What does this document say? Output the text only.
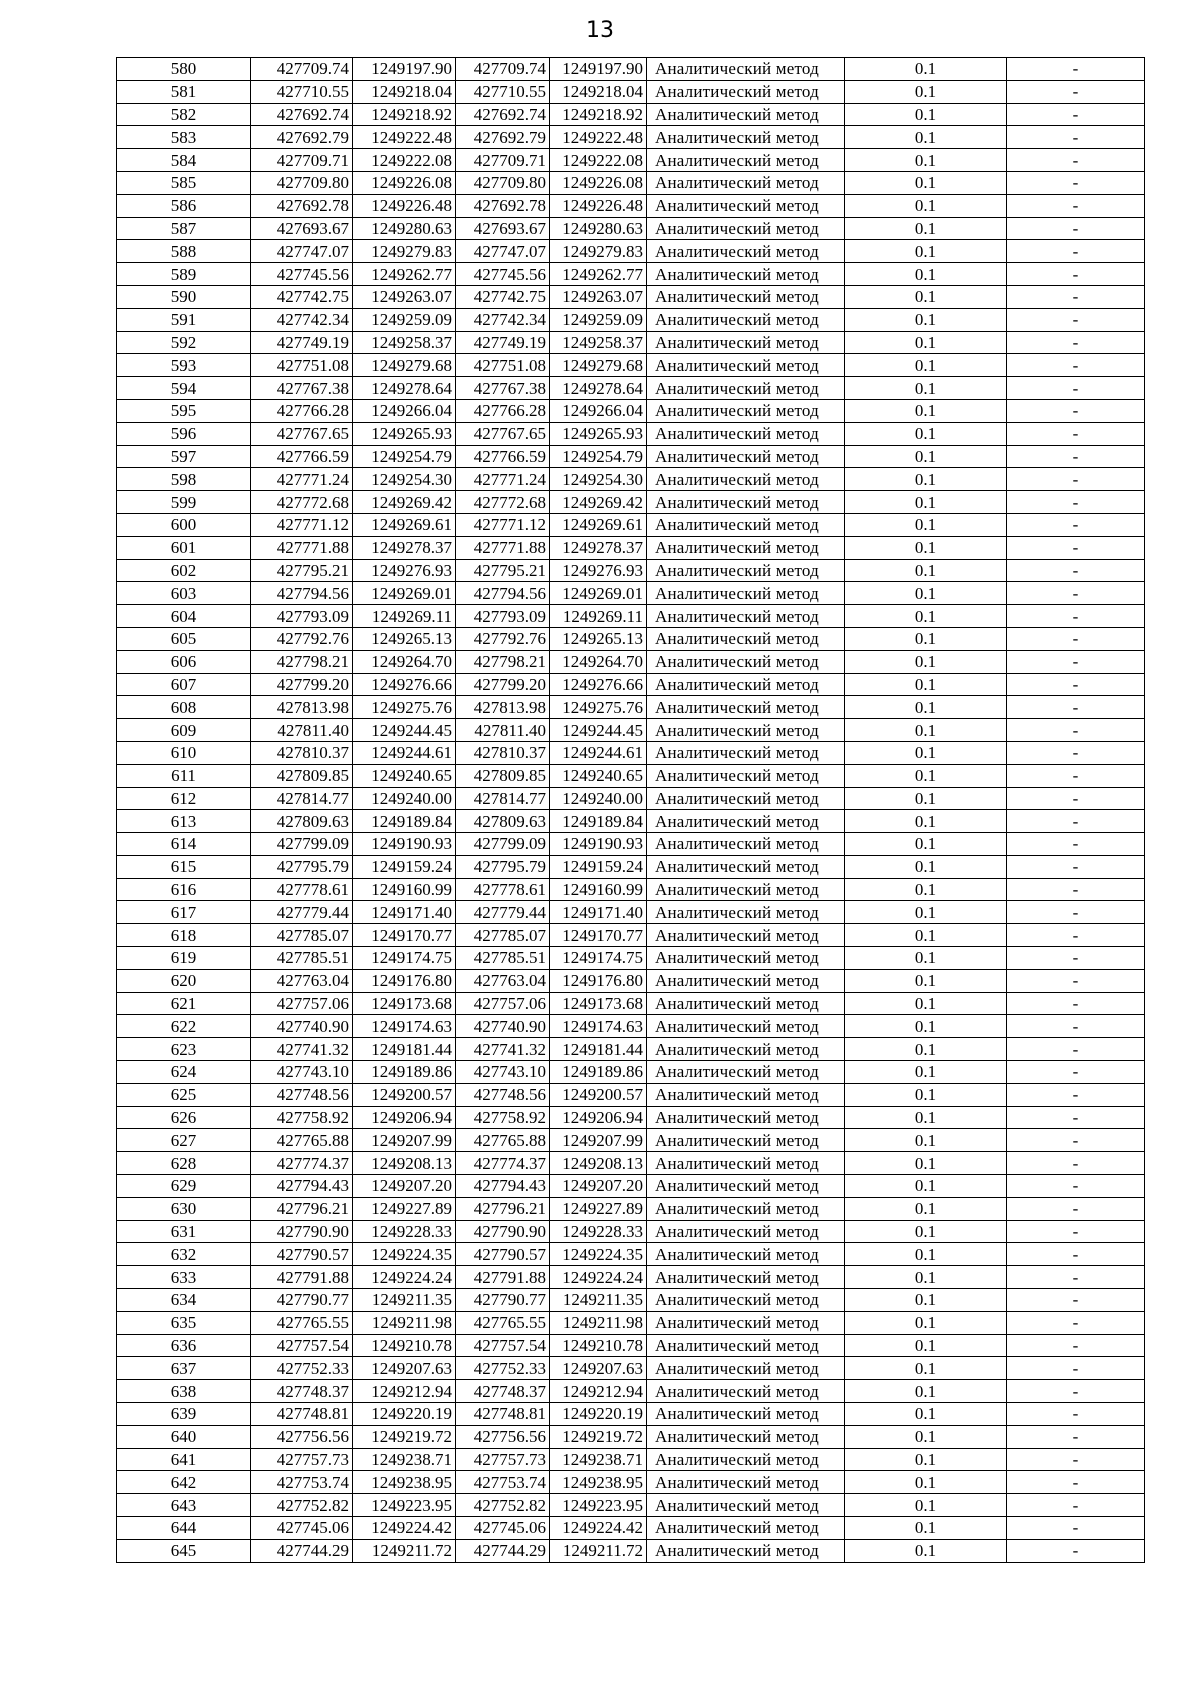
13
580	427709.74	1249197.90	427709.74	1249197.90	Аналитический метод	0.1	-
581	427710.55	1249218.04	427710.55	1249218.04	Аналитический метод	0.1	-
582	427692.74	1249218.92	427692.74	1249218.92	Аналитический метод	0.1	-
583	427692.79	1249222.48	427692.79	1249222.48	Аналитический метод	0.1	-
584	427709.71	1249222.08	427709.71	1249222.08	Аналитический метод	0.1	-
585	427709.80	1249226.08	427709.80	1249226.08	Аналитический метод	0.1	-
586	427692.78	1249226.48	427692.78	1249226.48	Аналитический метод	0.1	-
587	427693.67	1249280.63	427693.67	1249280.63	Аналитический метод	0.1	-
588	427747.07	1249279.83	427747.07	1249279.83	Аналитический метод	0.1	-
589	427745.56	1249262.77	427745.56	1249262.77	Аналитический метод	0.1	-
590	427742.75	1249263.07	427742.75	1249263.07	Аналитический метод	0.1	-
591	427742.34	1249259.09	427742.34	1249259.09	Аналитический метод	0.1	-
592	427749.19	1249258.37	427749.19	1249258.37	Аналитический метод	0.1	-
593	427751.08	1249279.68	427751.08	1249279.68	Аналитический метод	0.1	-
594	427767.38	1249278.64	427767.38	1249278.64	Аналитический метод	0.1	-
595	427766.28	1249266.04	427766.28	1249266.04	Аналитический метод	0.1	-
596	427767.65	1249265.93	427767.65	1249265.93	Аналитический метод	0.1	-
597	427766.59	1249254.79	427766.59	1249254.79	Аналитический метод	0.1	-
598	427771.24	1249254.30	427771.24	1249254.30	Аналитический метод	0.1	-
599	427772.68	1249269.42	427772.68	1249269.42	Аналитический метод	0.1	-
600	427771.12	1249269.61	427771.12	1249269.61	Аналитический метод	0.1	-
601	427771.88	1249278.37	427771.88	1249278.37	Аналитический метод	0.1	-
602	427795.21	1249276.93	427795.21	1249276.93	Аналитический метод	0.1	-
603	427794.56	1249269.01	427794.56	1249269.01	Аналитический метод	0.1	-
604	427793.09	1249269.11	427793.09	1249269.11	Аналитический метод	0.1	-
605	427792.76	1249265.13	427792.76	1249265.13	Аналитический метод	0.1	-
606	427798.21	1249264.70	427798.21	1249264.70	Аналитический метод	0.1	-
607	427799.20	1249276.66	427799.20	1249276.66	Аналитический метод	0.1	-
608	427813.98	1249275.76	427813.98	1249275.76	Аналитический метод	0.1	-
609	427811.40	1249244.45	427811.40	1249244.45	Аналитический метод	0.1	-
610	427810.37	1249244.61	427810.37	1249244.61	Аналитический метод	0.1	-
611	427809.85	1249240.65	427809.85	1249240.65	Аналитический метод	0.1	-
612	427814.77	1249240.00	427814.77	1249240.00	Аналитический метод	0.1	-
613	427809.63	1249189.84	427809.63	1249189.84	Аналитический метод	0.1	-
614	427799.09	1249190.93	427799.09	1249190.93	Аналитический метод	0.1	-
615	427795.79	1249159.24	427795.79	1249159.24	Аналитический метод	0.1	-
616	427778.61	1249160.99	427778.61	1249160.99	Аналитический метод	0.1	-
617	427779.44	1249171.40	427779.44	1249171.40	Аналитический метод	0.1	-
618	427785.07	1249170.77	427785.07	1249170.77	Аналитический метод	0.1	-
619	427785.51	1249174.75	427785.51	1249174.75	Аналитический метод	0.1	-
620	427763.04	1249176.80	427763.04	1249176.80	Аналитический метод	0.1	-
621	427757.06	1249173.68	427757.06	1249173.68	Аналитический метод	0.1	-
622	427740.90	1249174.63	427740.90	1249174.63	Аналитический метод	0.1	-
623	427741.32	1249181.44	427741.32	1249181.44	Аналитический метод	0.1	-
624	427743.10	1249189.86	427743.10	1249189.86	Аналитический метод	0.1	-
625	427748.56	1249200.57	427748.56	1249200.57	Аналитический метод	0.1	-
626	427758.92	1249206.94	427758.92	1249206.94	Аналитический метод	0.1	-
627	427765.88	1249207.99	427765.88	1249207.99	Аналитический метод	0.1	-
628	427774.37	1249208.13	427774.37	1249208.13	Аналитический метод	0.1	-
629	427794.43	1249207.20	427794.43	1249207.20	Аналитический метод	0.1	-
630	427796.21	1249227.89	427796.21	1249227.89	Аналитический метод	0.1	-
631	427790.90	1249228.33	427790.90	1249228.33	Аналитический метод	0.1	-
632	427790.57	1249224.35	427790.57	1249224.35	Аналитический метод	0.1	-
633	427791.88	1249224.24	427791.88	1249224.24	Аналитический метод	0.1	-
634	427790.77	1249211.35	427790.77	1249211.35	Аналитический метод	0.1	-
635	427765.55	1249211.98	427765.55	1249211.98	Аналитический метод	0.1	-
636	427757.54	1249210.78	427757.54	1249210.78	Аналитический метод	0.1	-
637	427752.33	1249207.63	427752.33	1249207.63	Аналитический метод	0.1	-
638	427748.37	1249212.94	427748.37	1249212.94	Аналитический метод	0.1	-
639	427748.81	1249220.19	427748.81	1249220.19	Аналитический метод	0.1	-
640	427756.56	1249219.72	427756.56	1249219.72	Аналитический метод	0.1	-
641	427757.73	1249238.71	427757.73	1249238.71	Аналитический метод	0.1	-
642	427753.74	1249238.95	427753.74	1249238.95	Аналитический метод	0.1	-
643	427752.82	1249223.95	427752.82	1249223.95	Аналитический метод	0.1	-
644	427745.06	1249224.42	427745.06	1249224.42	Аналитический метод	0.1	-
645	427744.29	1249211.72	427744.29	1249211.72	Аналитический метод	0.1	-
